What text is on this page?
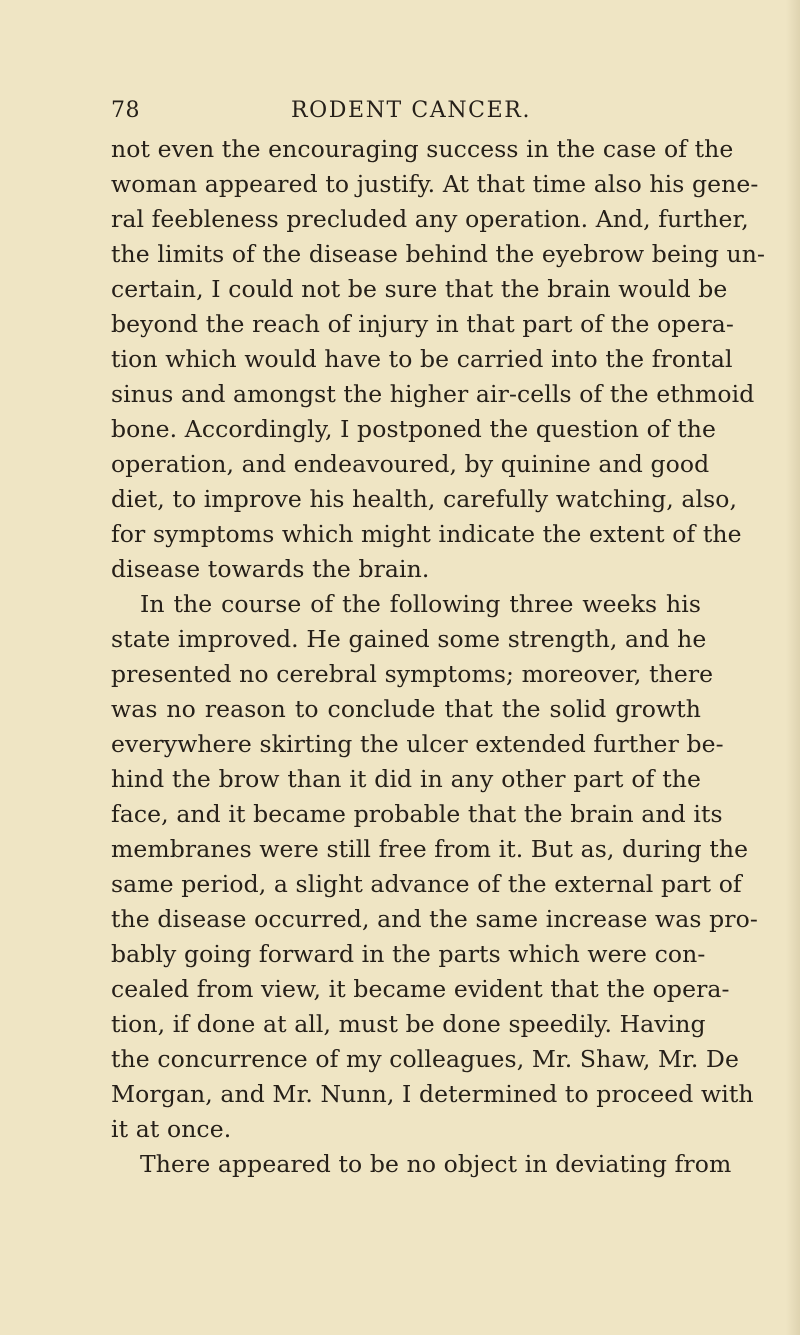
78	RODENT CANCER.
not even the encouraging success in the case of the
woman appeared to justify. At that time also his gene-
ral feebleness precluded any operation. And, further,
the limits of the disease behind the eyebrow being un-
certain, I could not be sure that the brain would be
beyond the reach of injury in that part of the opera-
tion which would have to be carried into the frontal
sinus and amongst the higher air-cells of the ethmoid
bone. Accordingly, I postponed the question of the
operation, and endeavoured, by quinine and good
diet, to improve his health, carefully watching, also,
for symptoms which might indicate the extent of the
disease towards the brain.
In the course of the following three weeks his
state improved. He gained some strength, and he
presented no cerebral symptoms; moreover, there
was no reason to conclude that the solid growth
everywhere skirting the ulcer extended further be-
hind the brow than it did in any other part of the
face, and it became probable that the brain and its
membranes were still free from it. But as, during the
same period, a slight advance of the external part of
the disease occurred, and the same increase was pro-
bably going forward in the parts which were con-
cealed from view, it became evident that the opera-
tion, if done at all, must be done speedily. Having
the concurrence of my colleagues, Mr. Shaw, Mr. De
Morgan, and Mr. Nunn, I determined to proceed with
it at once.
There appeared to be no object in deviating from
